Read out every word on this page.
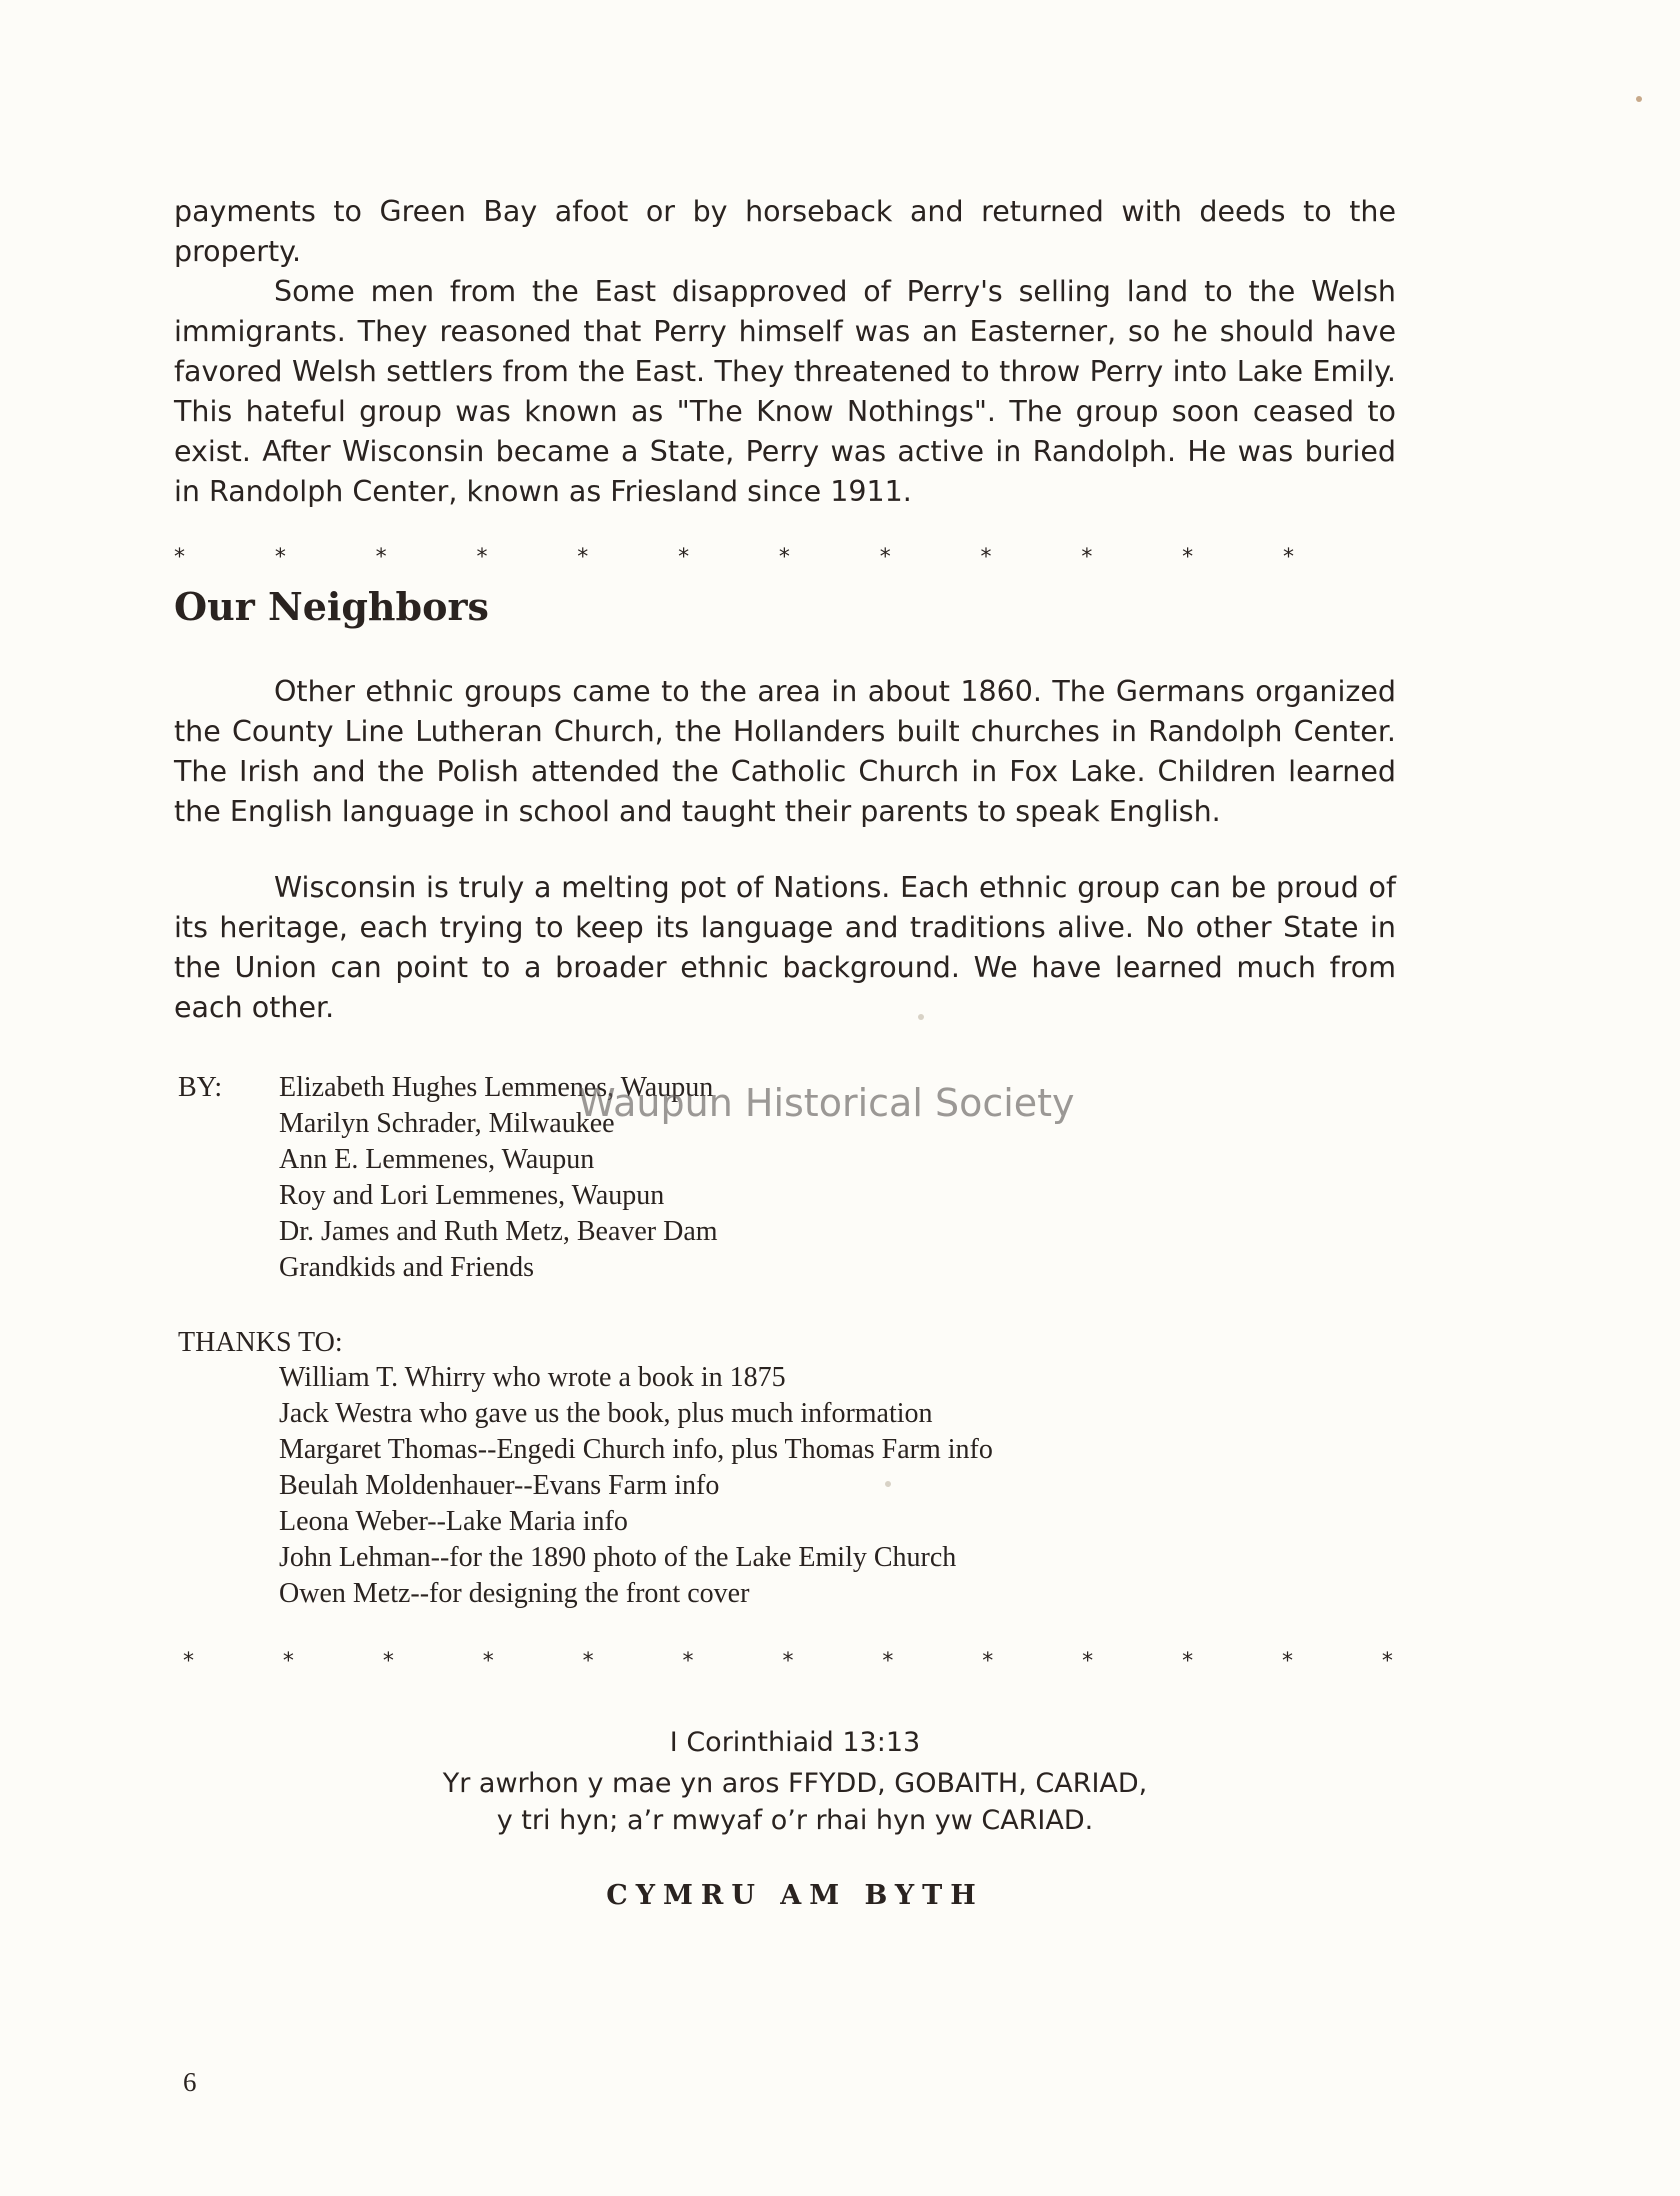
payments to Green Bay afoot or by horseback and returned with deeds to the property.

Some men from the East disapproved of Perry's selling land to the Welsh immigrants. They reasoned that Perry himself was an Easterner, so he should have favored Welsh settlers from the East. They threatened to throw Perry into Lake Emily. This hateful group was known as "The Know Nothings". The group soon ceased to exist. After Wisconsin became a State, Perry was active in Randolph. He was buried in Randolph Center, known as Friesland since 1911.

*	*	*	*	*	*	*	*	*	*	*	*
Our Neighbors

Other ethnic groups came to the area in about 1860. The Germans organized the County Line Lutheran Church, the Hollanders built churches in Randolph Center. The Irish and the Polish attended the Catholic Church in Fox Lake. Children learned the English language in school and taught their parents to speak English.

Wisconsin is truly a melting pot of Nations. Each ethnic group can be proud of its heritage, each trying to keep its language and traditions alive. No other State in the Union can point to a broader ethnic background. We have learned much from each other.

BY: Elizabeth Hughes Lemmenes, Waupun
Marilyn Schrader, Milwaukee
Ann E. Lemmenes, Waupun
Roy and Lori Lemmenes, Waupun
Dr. James and Ruth Metz, Beaver Dam
Grandkids and Friends
Waupun Historical Society
THANKS TO:
William T. Whirry who wrote a book in 1875
Jack Westra who gave us the book, plus much information
Margaret Thomas--Engedi Church info, plus Thomas Farm info
Beulah Moldenhauer--Evans Farm info
Leona Weber--Lake Maria info
John Lehman--for the 1890 photo of the Lake Emily Church
Owen Metz--for designing the front cover
*	*	*	*	*	*	*	*	*	*	*	*	*

I Corinthiaid 13:13

Yr awrhon y mae yn aros FFYDD, GOBAITH, CARIAD,

y tri hyn; a’r mwyaf o’r rhai hyn yw CARIAD.

CYMRU AM BYTH

6
